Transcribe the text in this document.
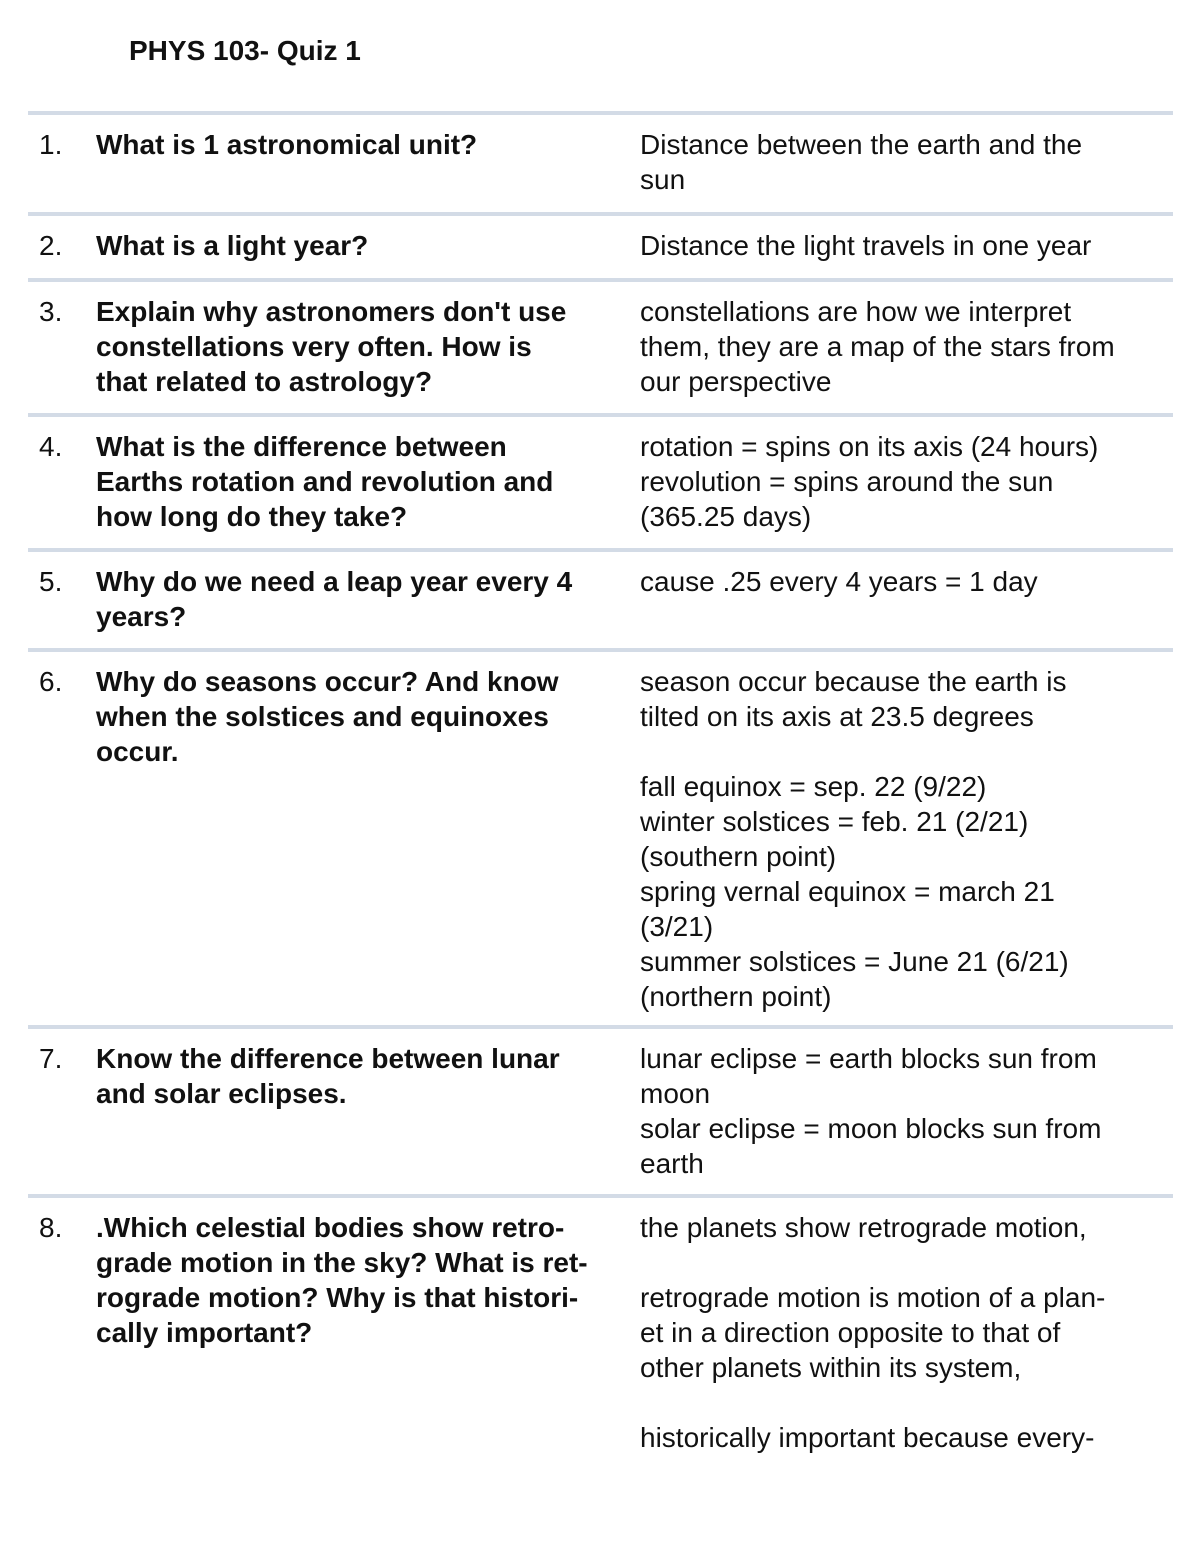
PHYS 103- Quiz 1
1. What is 1 astronomical unit?	Distance between the earth and the
sun
2. What is a light year?	Distance the light travels in one year
3. Explain why astronomers don't use
constellations very often. How is
that related to astrology?
constellations are how we interpret
them, they are a map of the stars from
our perspective
4. What is the difference between
Earths rotation and revolution and
how long do they take?
rotation = spins on its axis (24 hours)
revolution = spins around the sun
(365.25 days)
5. Why do we need a leap year every 4
years?
cause .25 every 4 years = 1 day
6. Why do seasons occur? And know
when the solstices and equinoxes
occur.
season occur because the earth is
tilted on its axis at 23.5 degrees
fall equinox = sep. 22 (9/22)
winter solstices = feb. 21 (2/21)
(southern point)
spring vernal equinox = march 21
(3/21)
summer solstices = June 21 (6/21)
(northern point)
7. Know the difference between lunar
and solar eclipses.
lunar eclipse = earth blocks sun from
moon
solar eclipse = moon blocks sun from
earth
8. .Which celestial bodies show retro-
grade motion in the sky? What is ret-
rograde motion? Why is that histori-
cally important?
the planets show retrograde motion,
retrograde motion is motion of a plan-
et in a direction opposite to that of
other planets within its system,
historically important because every-
